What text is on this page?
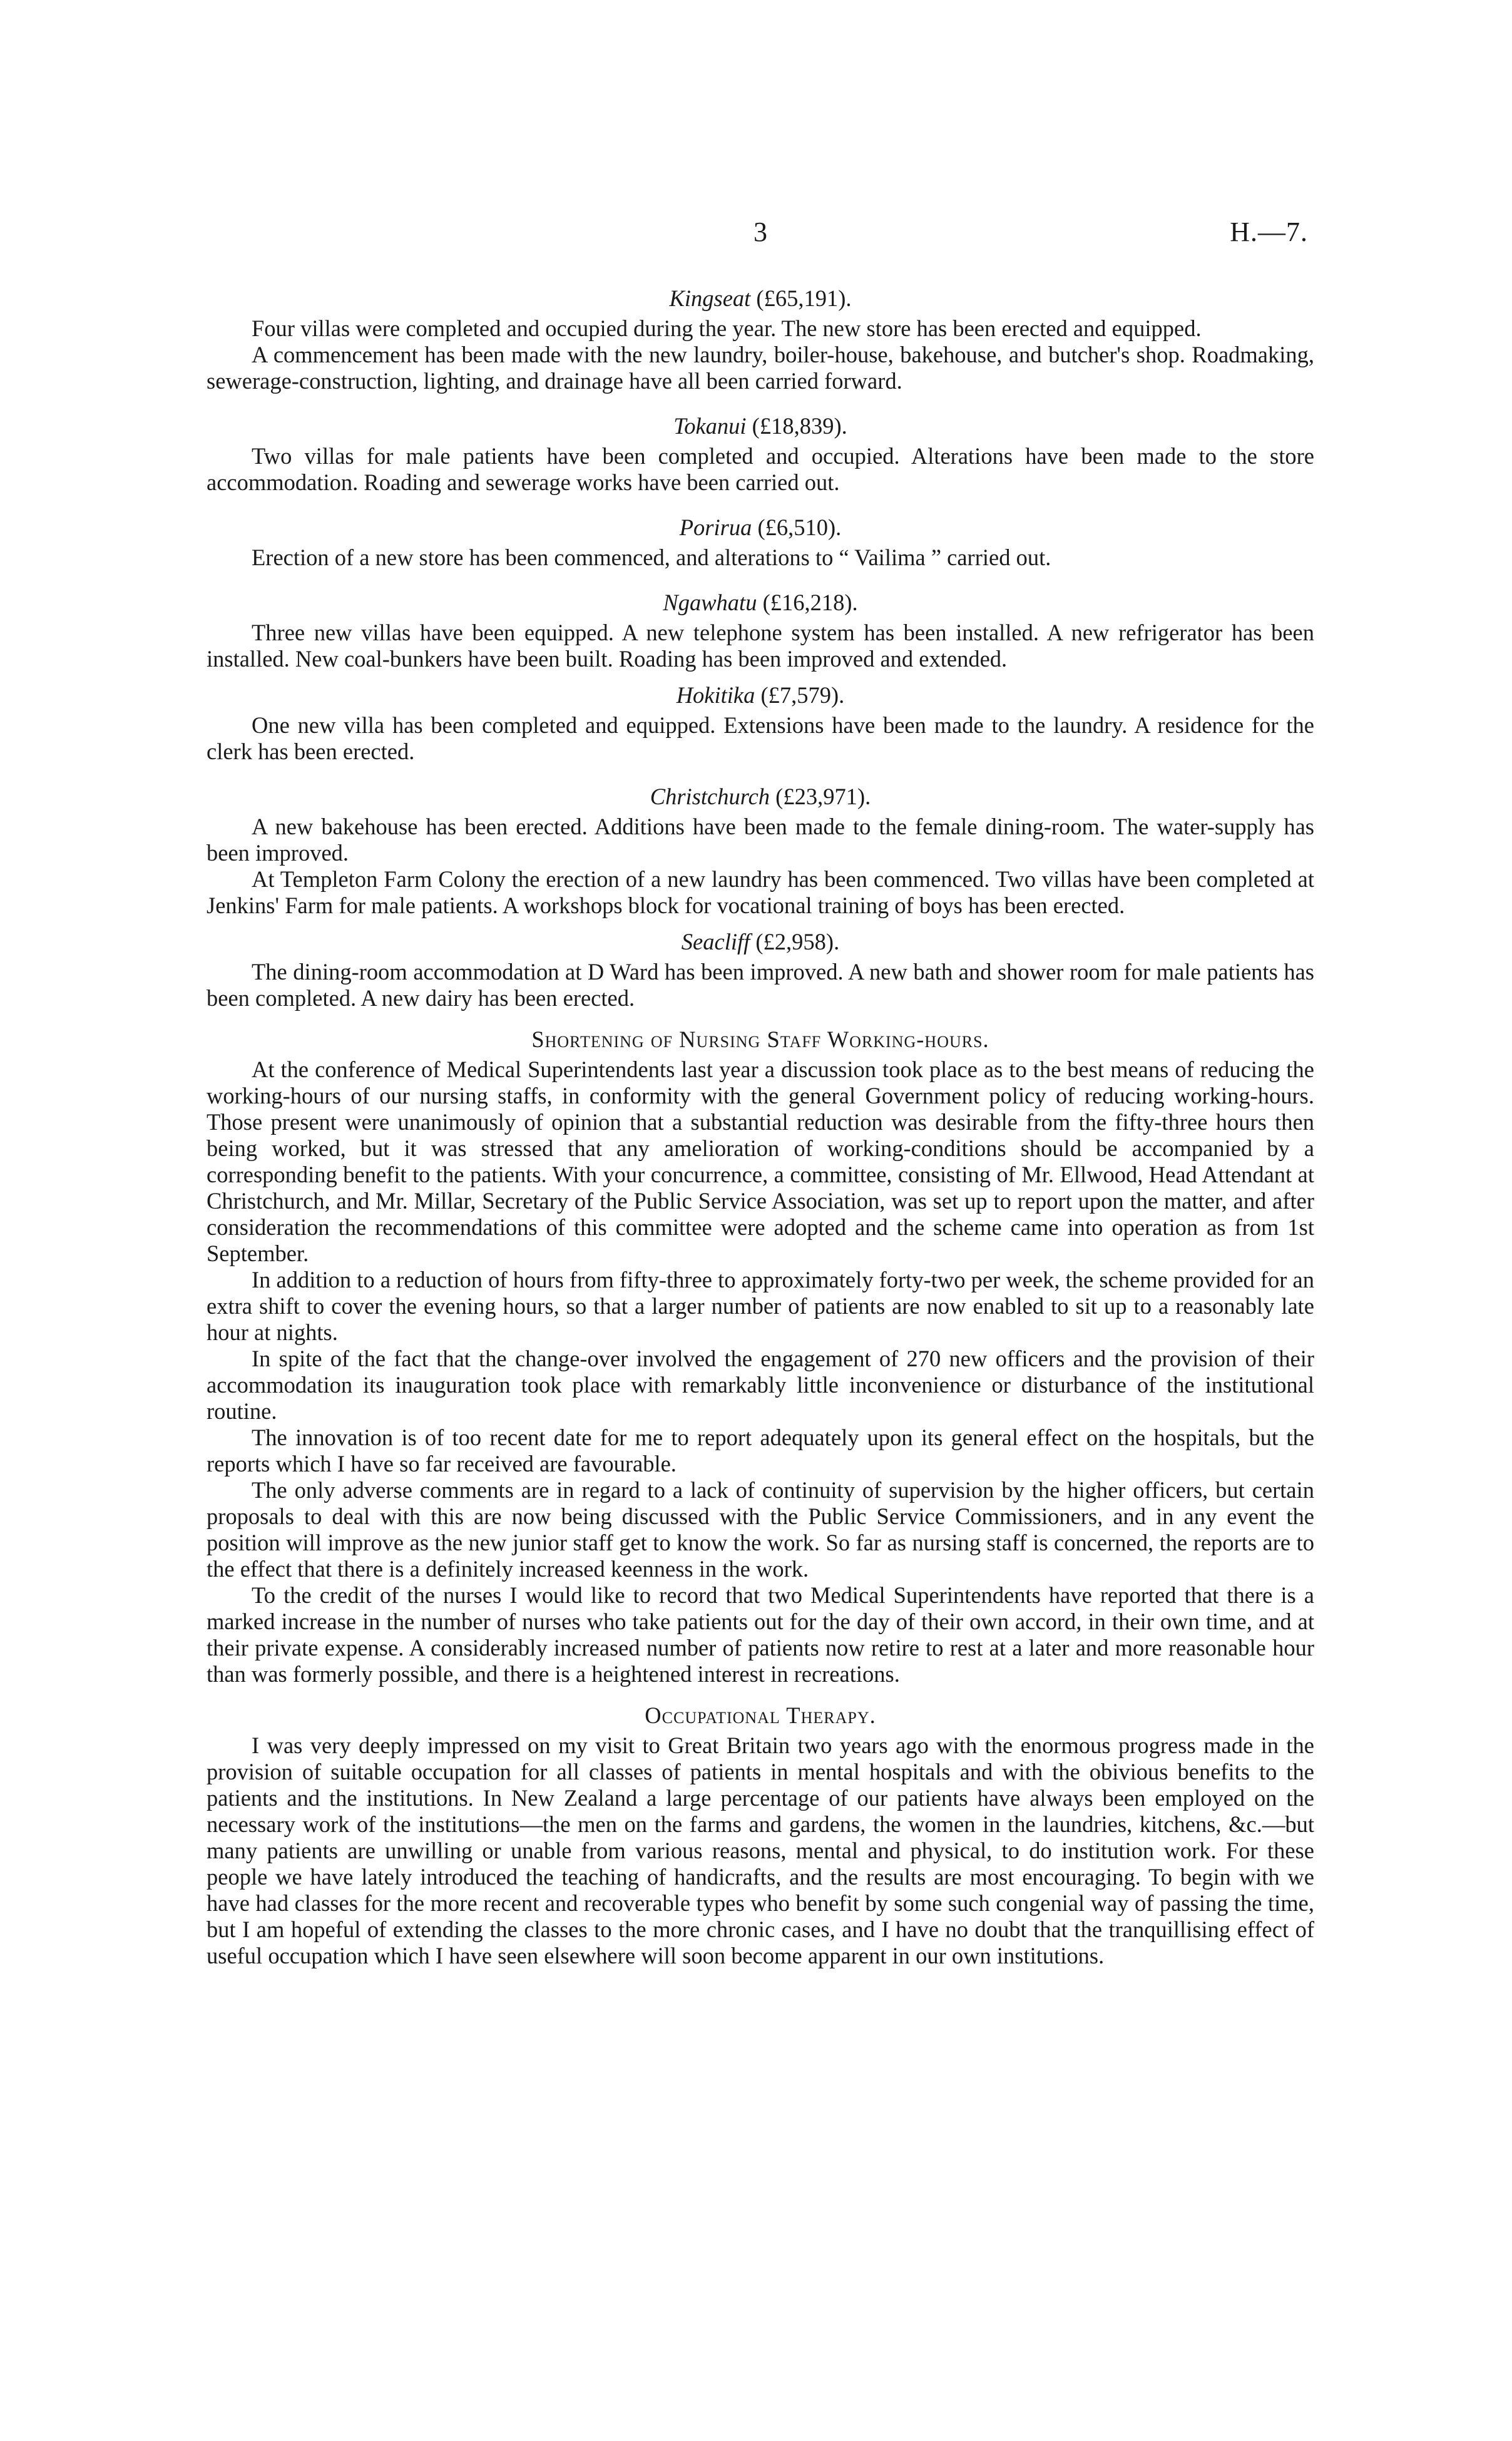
3	H.—7.
Kingseat (£65,191).

Four villas were completed and occupied during the year. The new store has been erected and equipped.

A commencement has been made with the new laundry, boiler-house, bakehouse, and butcher's shop. Roadmaking, sewerage-construction, lighting, and drainage have all been carried forward.

Tokanui (£18,839).

Two villas for male patients have been completed and occupied. Alterations have been made to the store accommodation. Roading and sewerage works have been carried out.

Porirua (£6,510).

Erection of a new store has been commenced, and alterations to “ Vailima ” carried out.

Ngawhatu (£16,218).

Three new villas have been equipped. A new telephone system has been installed. A new refrigerator has been installed. New coal-bunkers have been built. Roading has been improved and extended.

Hokitika (£7,579).

One new villa has been completed and equipped. Extensions have been made to the laundry. A residence for the clerk has been erected.

Christchurch (£23,971).

A new bakehouse has been erected. Additions have been made to the female dining-room. The water-supply has been improved.

At Templeton Farm Colony the erection of a new laundry has been commenced. Two villas have been completed at Jenkins' Farm for male patients. A workshops block for vocational training of boys has been erected.

Seacliff (£2,958).

The dining-room accommodation at D Ward has been improved. A new bath and shower room for male patients has been completed. A new dairy has been erected.

Shortening of Nursing Staff Working-hours.

At the conference of Medical Superintendents last year a discussion took place as to the best means of reducing the working-hours of our nursing staffs, in conformity with the general Government policy of reducing working-hours. Those present were unanimously of opinion that a substantial reduction was desirable from the fifty-three hours then being worked, but it was stressed that any amelioration of working-conditions should be accompanied by a corresponding benefit to the patients. With your concurrence, a committee, consisting of Mr. Ellwood, Head Attendant at Christchurch, and Mr. Millar, Secretary of the Public Service Association, was set up to report upon the matter, and after consideration the recommendations of this committee were adopted and the scheme came into operation as from 1st September.

In addition to a reduction of hours from fifty-three to approximately forty-two per week, the scheme provided for an extra shift to cover the evening hours, so that a larger number of patients are now enabled to sit up to a reasonably late hour at nights.

In spite of the fact that the change-over involved the engagement of 270 new officers and the provision of their accommodation its inauguration took place with remarkably little inconvenience or disturbance of the institutional routine.

The innovation is of too recent date for me to report adequately upon its general effect on the hospitals, but the reports which I have so far received are favourable.

The only adverse comments are in regard to a lack of continuity of supervision by the higher officers, but certain proposals to deal with this are now being discussed with the Public Service Commissioners, and in any event the position will improve as the new junior staff get to know the work. So far as nursing staff is concerned, the reports are to the effect that there is a definitely increased keenness in the work.

To the credit of the nurses I would like to record that two Medical Superintendents have reported that there is a marked increase in the number of nurses who take patients out for the day of their own accord, in their own time, and at their private expense. A considerably increased number of patients now retire to rest at a later and more reasonable hour than was formerly possible, and there is a heightened interest in recreations.

Occupational Therapy.

I was very deeply impressed on my visit to Great Britain two years ago with the enormous progress made in the provision of suitable occupation for all classes of patients in mental hospitals and with the obivious benefits to the patients and the institutions. In New Zealand a large percentage of our patients have always been employed on the necessary work of the institutions—the men on the farms and gardens, the women in the laundries, kitchens, &c.—but many patients are unwilling or unable from various reasons, mental and physical, to do institution work. For these people we have lately introduced the teaching of handicrafts, and the results are most encouraging. To begin with we have had classes for the more recent and recoverable types who benefit by some such congenial way of passing the time, but I am hopeful of extending the classes to the more chronic cases, and I have no doubt that the tranquillising effect of useful occupation which I have seen elsewhere will soon become apparent in our own institutions.
